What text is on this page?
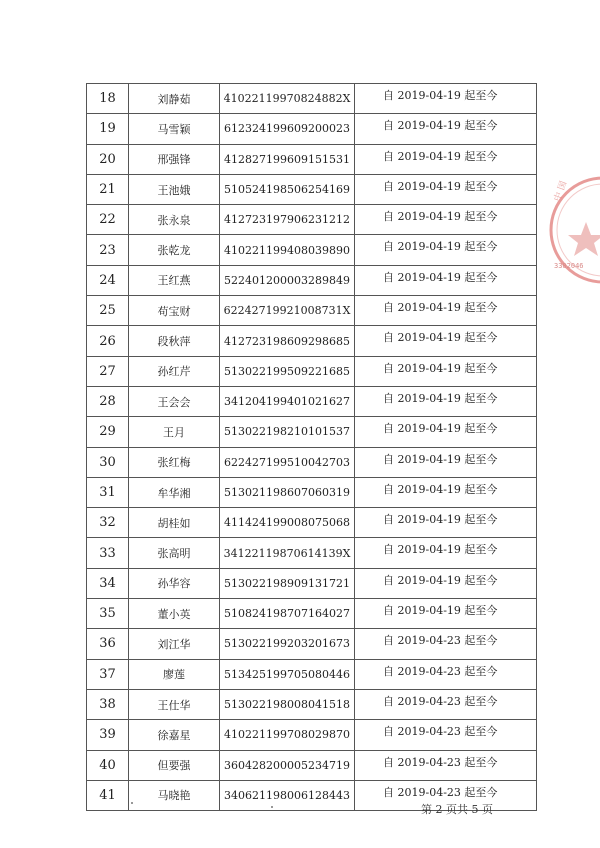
18	刘静茹	41022119970824882X	自 2019-04-19 起至今
19	马雪颖	612324199609200023	自 2019-04-19 起至今
20	邢强锋	412827199609151531	自 2019-04-19 起至今
21	王池娥	510524198506254169	自 2019-04-19 起至今
22	张永泉	412723197906231212	自 2019-04-19 起至今
23	张乾龙	410221199408039890	自 2019-04-19 起至今
24	王红燕	522401200003289849	自 2019-04-19 起至今
25	苟宝财	62242719921008731X	自 2019-04-19 起至今
26	段秋萍	412723198609298685	自 2019-04-19 起至今
27	孙红芹	513022199509221685	自 2019-04-19 起至今
28	王会会	341204199401021627	自 2019-04-19 起至今
29	王月	513022198210101537	自 2019-04-19 起至今
30	张红梅	622427199510042703	自 2019-04-19 起至今
31	牟华湘	513021198607060319	自 2019-04-19 起至今
32	胡桂如	411424199008075068	自 2019-04-19 起至今
33	张高明	34122119870614139X	自 2019-04-19 起至今
34	孙华容	513022198909131721	自 2019-04-19 起至今
35	董小英	510824198707164027	自 2019-04-19 起至今
36	刘江华	513022199203201673	自 2019-04-23 起至今
37	廖莲	513425199705080446	自 2019-04-23 起至今
38	王仕华	513022198008041518	自 2019-04-23 起至今
39	徐嘉星	410221199708029870	自 2019-04-23 起至今
40	但要强	360428200005234719	自 2019-04-23 起至今
41	马晓艳	340621198006128443	自 2019-04-23 起至今
第 2 页共 5 页
3302046
中 国
